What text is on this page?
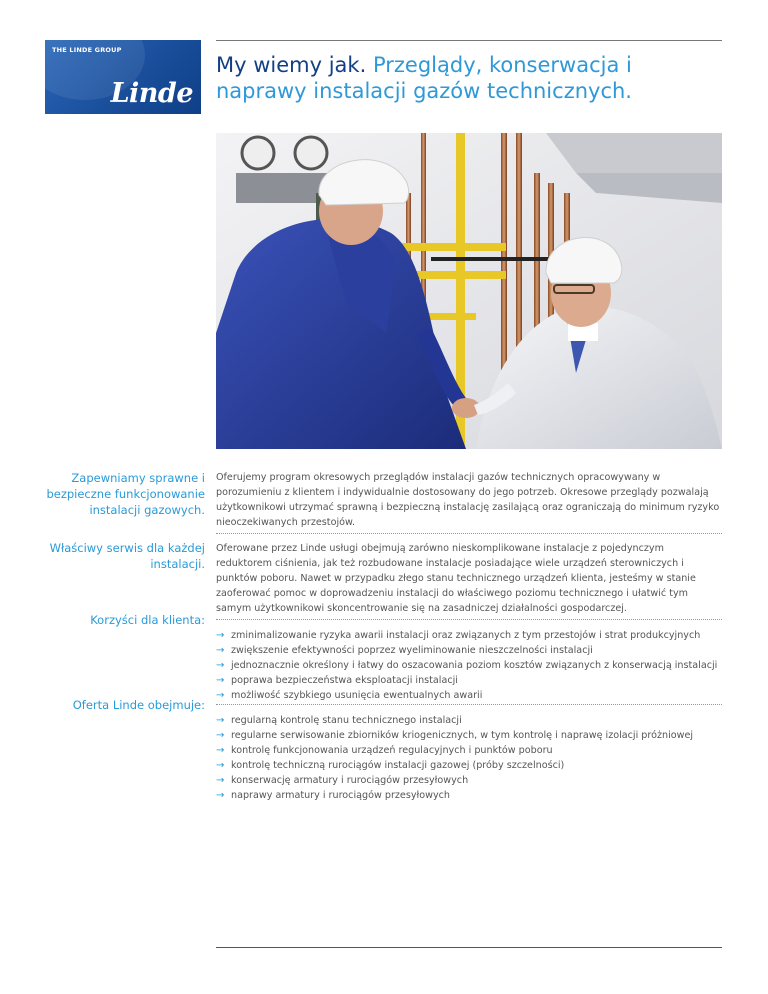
THE LINDE GROUP
Linde
My wiemy jak. Przeglądy, konserwacja i naprawy instalacji gazów technicznych.
Zapewniamy sprawne i bezpieczne funkcjonowanie instalacji gazowych.

Oferujemy program okresowych przeglądów instalacji gazów technicznych opracowywany w porozumieniu z klientem i indywidualnie dostosowany do jego potrzeb. Okresowe przeglądy pozwalają użytkownikowi utrzymać sprawną i bezpieczną instalację zasilającą oraz ograniczają do minimum ryzyko nieoczekiwanych przestojów.

Właściwy serwis dla każdej instalacji.

Oferowane przez Linde usługi obejmują zarówno nieskomplikowane instalacje z pojedynczym reduktorem ciśnienia, jak też rozbudowane instalacje posiadające wiele urządzeń sterowniczych i punktów poboru. Nawet w przypadku złego stanu technicznego urządzeń klienta, jesteśmy w stanie zaoferować pomoc w doprowadzeniu instalacji do właściwego poziomu technicznego i ułatwić tym samym użytkownikowi skoncentrowanie się na zasadniczej działalności gospodarczej.

Korzyści dla klienta:
→ zminimalizowanie ryzyka awarii instalacji oraz związanych z tym przestojów i strat produkcyjnych
→ zwiększenie efektywności poprzez wyeliminowanie nieszczelności instalacji
→ jednoznacznie określony i łatwy do oszacowania poziom kosztów związanych z konserwacją instalacji
→ poprawa bezpieczeństwa eksploatacji instalacji
→ możliwość szybkiego usunięcia ewentualnych awarii
Oferta Linde obejmuje:
→ regularną kontrolę stanu technicznego instalacji
→ regularne serwisowanie zbiorników kriogenicznych, w tym kontrolę i naprawę izolacji próżniowej
→ kontrolę funkcjonowania urządzeń regulacyjnych i punktów poboru
→ kontrolę techniczną rurociągów instalacji gazowej (próby szczelności)
→ konserwację armatury i rurociągów przesyłowych
→ naprawy armatury i rurociągów przesyłowych
